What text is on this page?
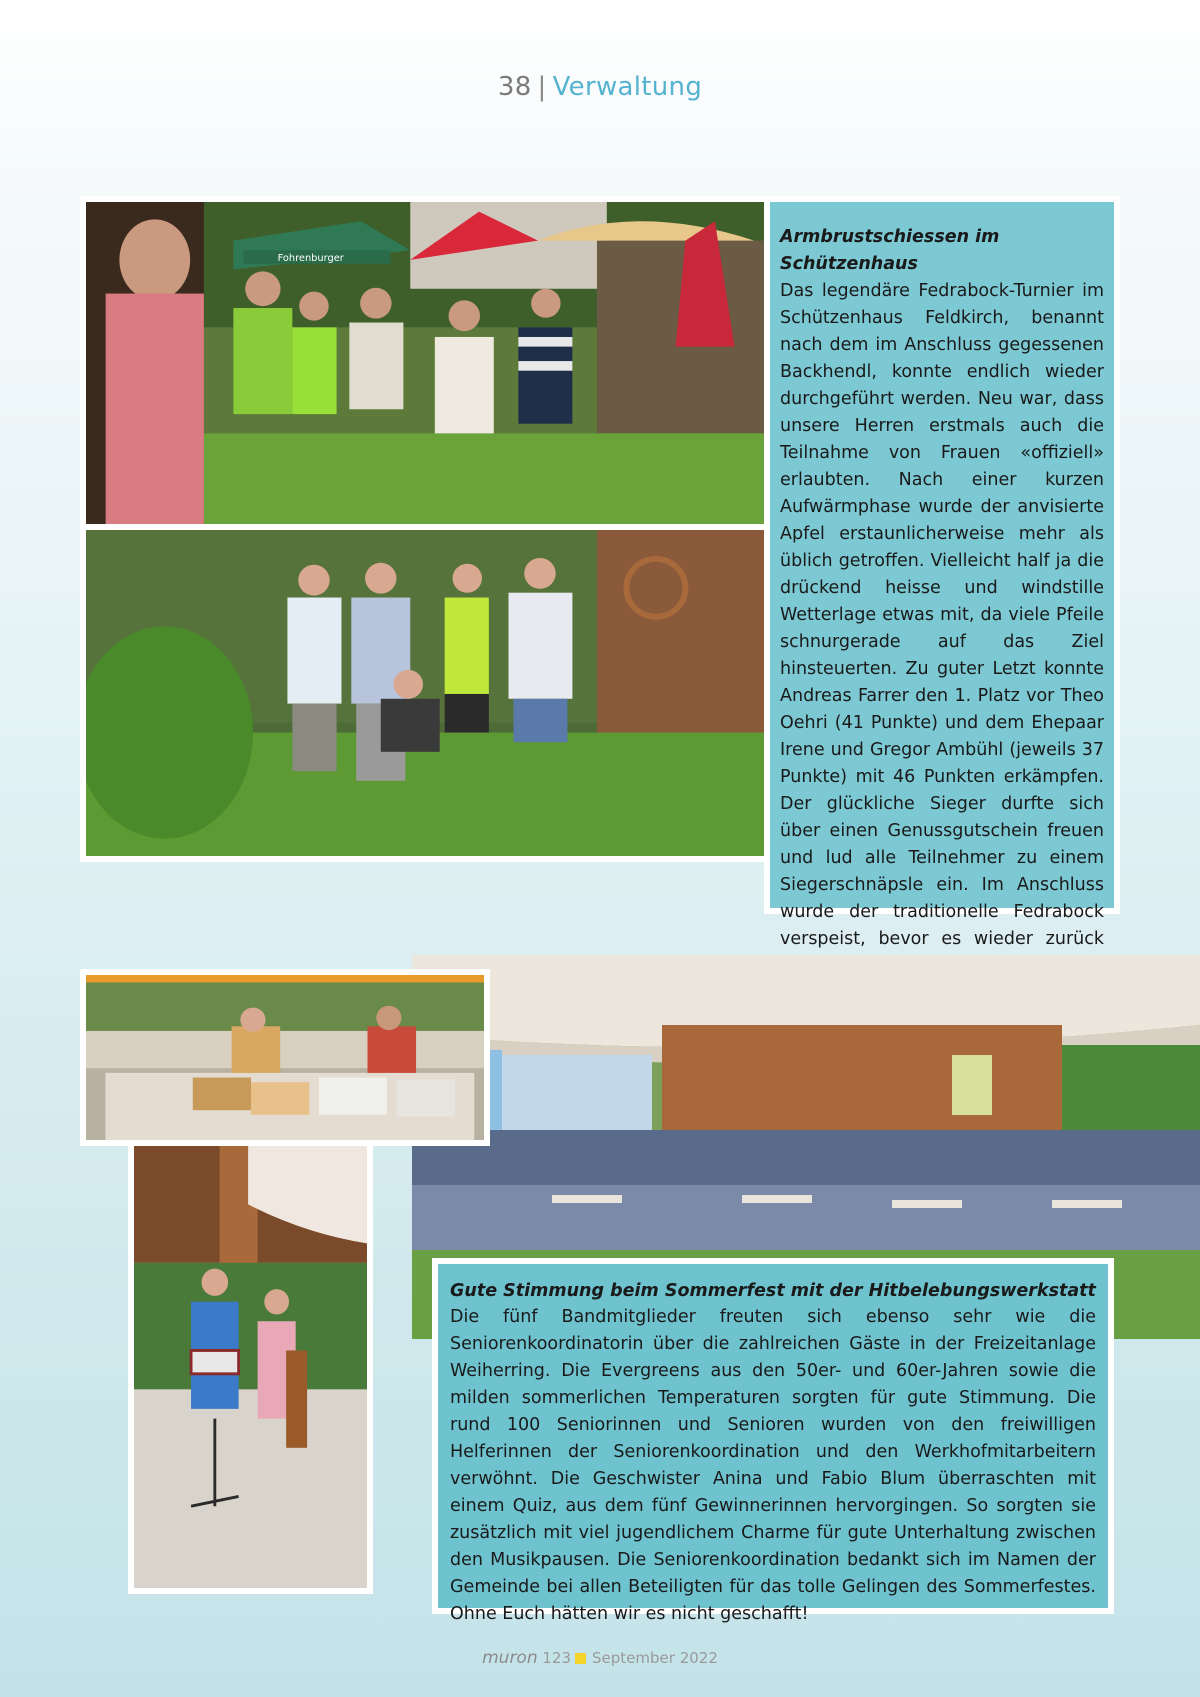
38 | Verwaltung
Fohrenburger
Armbrustschiessen im Schützenhaus
Das legendäre Fedrabock-Turnier im Schützenhaus Feldkirch, benannt nach dem im Anschluss gegessenen Backhendl, konnte endlich wieder durchgeführt werden. Neu war, dass unsere Herren erstmals auch die Teilnahme von Frauen «offiziell» erlaubten. Nach einer kurzen Aufwärmphase wurde der anvisierte Apfel erstaunlicherweise mehr als üblich getroffen. Vielleicht half ja die drückend heisse und windstille Wetterlage etwas mit, da viele Pfeile schnurgerade auf das Ziel hinsteuerten. Zu guter Letzt konnte Andreas Farrer den 1. Platz vor Theo Oehri (41 Punkte) und dem Ehepaar Irene und Gregor Ambühl (jeweils 37 Punkte) mit 46 Punkten erkämpfen. Der glückliche Sieger durfte sich über einen Genussgutschein freuen und lud alle Teilnehmer zu einem Siegerschnäpsle ein. Im Anschluss wurde der traditionelle Fedrabock verspeist, bevor es wieder zurück
Gute Stimmung beim Sommerfest mit der Hitbelebungswerkstatt
Die fünf Bandmitglieder freuten sich ebenso sehr wie die Seniorenkoordinatorin über die zahlreichen Gäste in der Freizeitanlage Weiherring. Die Evergreens aus den 50er- und 60er-Jahren sowie die milden sommerlichen Temperaturen sorgten für gute Stimmung. Die rund 100 Seniorinnen und Senioren wurden von den freiwilligen Helferinnen der Seniorenkoordination und den Werkhofmitarbeitern verwöhnt. Die Geschwister Anina und Fabio Blum überraschten mit einem Quiz, aus dem fünf Gewinnerinnen hervorgingen. So sorgten sie zusätzlich mit viel jugendlichem Charme für gute Unterhaltung zwischen den Musikpausen. Die Seniorenkoordination bedankt sich im Namen der Gemeinde bei allen Beteiligten für das tolle Gelingen des Sommerfestes. Ohne Euch hätten wir es nicht geschafft!
muron 123 September 2022
